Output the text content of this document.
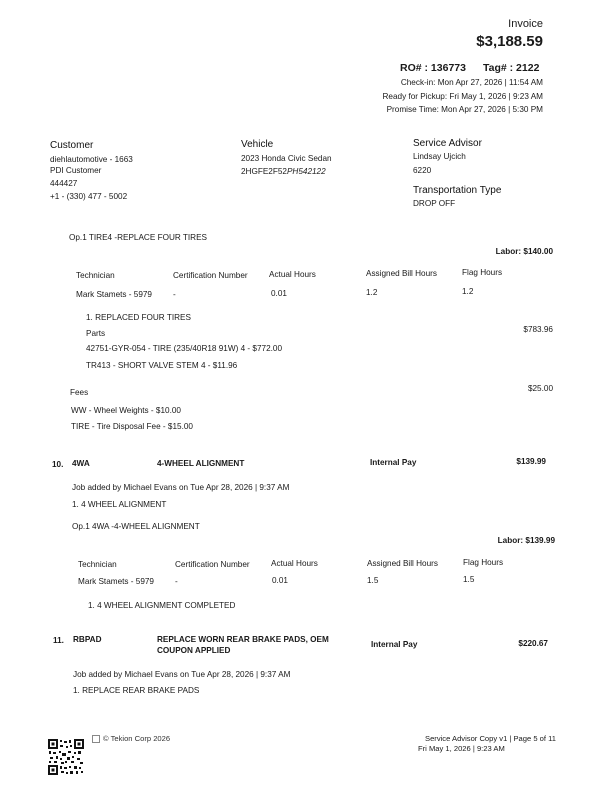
Invoice
$3,188.59
RO# : 136773 Tag# : 2122
Check-in: Mon Apr 27, 2026 | 11:54 AM
Ready for Pickup: Fri May 1, 2026 | 9:23 AM
Promise Time: Mon Apr 27, 2026 | 5:30 PM
Customer
diehlautomotive - 1663
PDI Customer
444427
+1 - (330) 477 - 5002
Vehicle
2023 Honda Civic Sedan
2HGFE2F52PH542122
Service Advisor
Lindsay Ujcich
6220
Transportation Type
DROP OFF
Op.1 TIRE4 -REPLACE FOUR TIRES
Labor: $140.00
Technician	Certification Number	Actual Hours	Assigned Bill Hours	Flag Hours
Mark Stamets - 5979	-	0.01	1.2	1.2
1. REPLACED FOUR TIRES
Parts	$783.96
42751-GYR-054 - TIRE (235/40R18 91W) 4 - $772.00
TR413 - SHORT VALVE STEM 4 - $11.96
Fees	$25.00
WW - Wheel Weights - $10.00
TIRE - Tire Disposal Fee - $15.00
10. 4WA	4-WHEEL ALIGNMENT	Internal Pay	$139.99
Job added by Michael Evans on Tue Apr 28, 2026 | 9:37 AM
1. 4 WHEEL ALIGNMENT
Op.1 4WA -4-WHEEL ALIGNMENT
Labor: $139.99
Technician	Certification Number	Actual Hours	Assigned Bill Hours	Flag Hours
Mark Stamets - 5979	-	0.01	1.5	1.5
1. 4 WHEEL ALIGNMENT COMPLETED
11. RBPAD	REPLACE WORN REAR BRAKE PADS, OEM
COUPON APPLIED
Internal Pay	$220.67
Job added by Michael Evans on Tue Apr 28, 2026 | 9:37 AM
1. REPLACE REAR BRAKE PADS
© Tekion Corp 2026	Service Advisor Copy v1 | Page 5 of 11
Fri May 1, 2026 | 9:23 AM
